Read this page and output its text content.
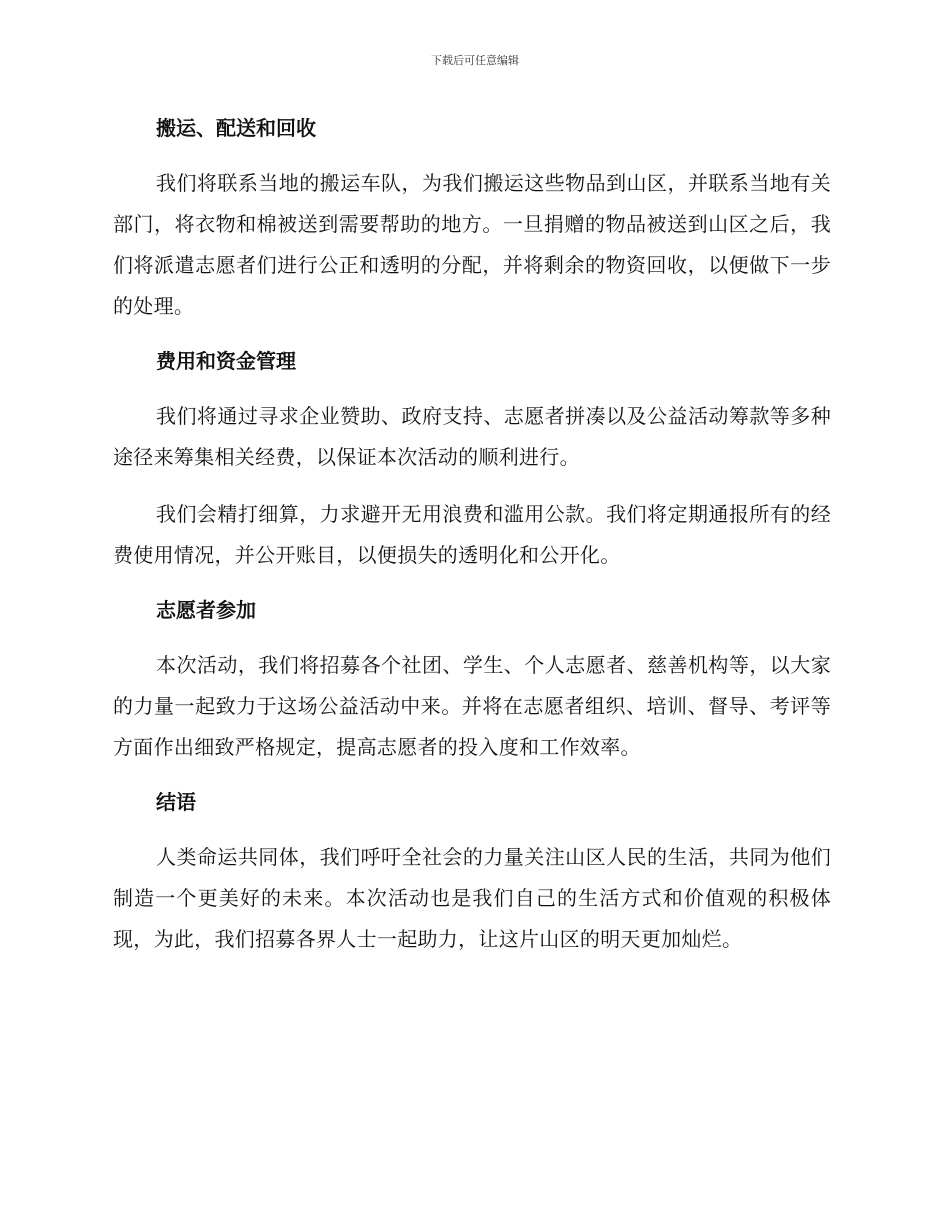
下载后可任意编辑
搬运、配送和回收

我们将联系当地的搬运车队，为我们搬运这些物品到山区，并联系当地有关部门，将衣物和棉被送到需要帮助的地方。一旦捐赠的物品被送到山区之后，我们将派遣志愿者们进行公正和透明的分配，并将剩余的物资回收，以便做下一步的处理。

费用和资金管理

我们将通过寻求企业赞助、政府支持、志愿者拼凑以及公益活动筹款等多种途径来筹集相关经费，以保证本次活动的顺利进行。

我们会精打细算，力求避开无用浪费和滥用公款。我们将定期通报所有的经费使用情况，并公开账目，以便损失的透明化和公开化。

志愿者参加

本次活动，我们将招募各个社团、学生、个人志愿者、慈善机构等，以大家的力量一起致力于这场公益活动中来。并将在志愿者组织、培训、督导、考评等方面作出细致严格规定，提高志愿者的投入度和工作效率。

结语

人类命运共同体，我们呼吁全社会的力量关注山区人民的生活，共同为他们制造一个更美好的未来。本次活动也是我们自己的生活方式和价值观的积极体现，为此，我们招募各界人士一起助力，让这片山区的明天更加灿烂。
